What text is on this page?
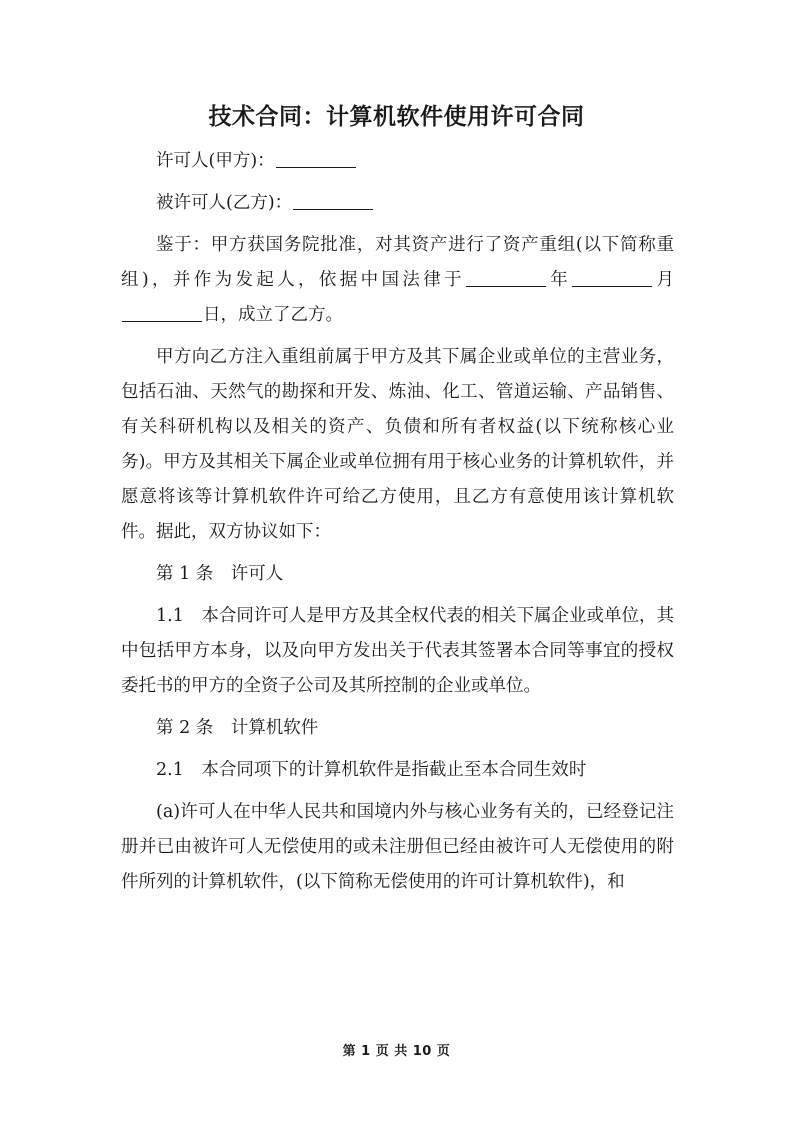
技术合同：计算机软件使用许可合同

许可人(甲方)：

被许可人(乙方)：

鉴于：甲方获国务院批准，对其资产进行了资产重组(以下简称重组)，并作为发起人，依据中国法律于	年	月日，成立了乙方。

甲方向乙方注入重组前属于甲方及其下属企业或单位的主营业务，包括石油、天然气的勘探和开发、炼油、化工、管道运输、产品销售、有关科研机构以及相关的资产、负债和所有者权益(以下统称核心业务)。甲方及其相关下属企业或单位拥有用于核心业务的计算机软件，并愿意将该等计算机软件许可给乙方使用，且乙方有意使用该计算机软件。据此，双方协议如下：

第 1 条　许可人

1.1　本合同许可人是甲方及其全权代表的相关下属企业或单位，其中包括甲方本身，以及向甲方发出关于代表其签署本合同等事宜的授权委托书的甲方的全资子公司及其所控制的企业或单位。

第 2 条　计算机软件

2.1　本合同项下的计算机软件是指截止至本合同生效时

(a)许可人在中华人民共和国境内外与核心业务有关的，已经登记注册并已由被许可人无偿使用的或未注册但已经由被许可人无偿使用的附件所列的计算机软件，(以下简称无偿使用的许可计算机软件)，和

第 1 页 共 10 页
